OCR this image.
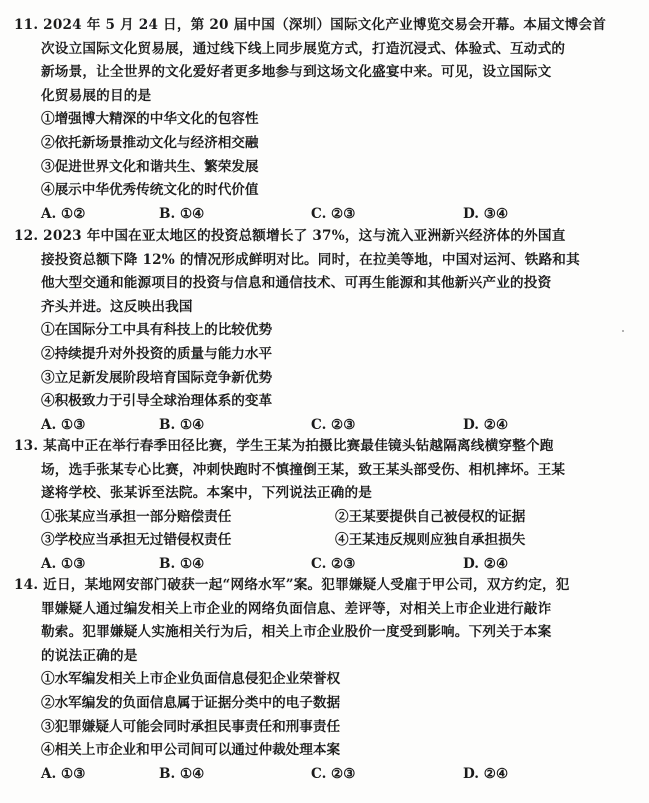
11. 2024 年 5 月 24 日，第 20 届中国（深圳）国际文化产业博览交易会开幕。本届文博会首
次设立国际文化贸易展，通过线下线上同步展览方式，打造沉浸式、体验式、互动式的
新场景，让全世界的文化爱好者更多地参与到这场文化盛宴中来。可见，设立国际文
化贸易展的目的是
①增强博大精深的中华文化的包容性
②依托新场景推动文化与经济相交融
③促进世界文化和谐共生、繁荣发展
④展示中华优秀传统文化的时代价值
A. ①②	B. ①④	C. ②③	D. ③④
12. 2023 年中国在亚太地区的投资总额增长了 37%，这与流入亚洲新兴经济体的外国直
接投资总额下降 12% 的情况形成鲜明对比。同时，在拉美等地，中国对运河、铁路和其
他大型交通和能源项目的投资与信息和通信技术、可再生能源和其他新兴产业的投资
齐头并进。这反映出我国
①在国际分工中具有科技上的比较优势
②持续提升对外投资的质量与能力水平
③立足新发展阶段培育国际竞争新优势
④积极致力于引导全球治理体系的变革
A. ①③	B. ①④	C. ②③	D. ②④
13. 某高中正在举行春季田径比赛，学生王某为拍摄比赛最佳镜头钻越隔离线横穿整个跑
场，选手张某专心比赛，冲刺快跑时不慎撞倒王某，致王某头部受伤、相机摔坏。王某
遂将学校、张某诉至法院。本案中，下列说法正确的是
①张某应当承担一部分赔偿责任	②王某要提供自己被侵权的证据
③学校应当承担无过错侵权责任	④王某违反规则应独自承担损失
A. ①③	B. ①④	C. ②③	D. ②④
14. 近日，某地网安部门破获一起“网络水军”案。犯罪嫌疑人受雇于甲公司，双方约定，犯
罪嫌疑人通过编发相关上市企业的网络负面信息、差评等，对相关上市企业进行敲诈
勒索。犯罪嫌疑人实施相关行为后，相关上市企业股价一度受到影响。下列关于本案
的说法正确的是
①水军编发相关上市企业负面信息侵犯企业荣誉权
②水军编发的负面信息属于证据分类中的电子数据
③犯罪嫌疑人可能会同时承担民事责任和刑事责任
④相关上市企业和甲公司间可以通过仲裁处理本案
A. ①③	B. ①④	C. ②③	D. ②④
